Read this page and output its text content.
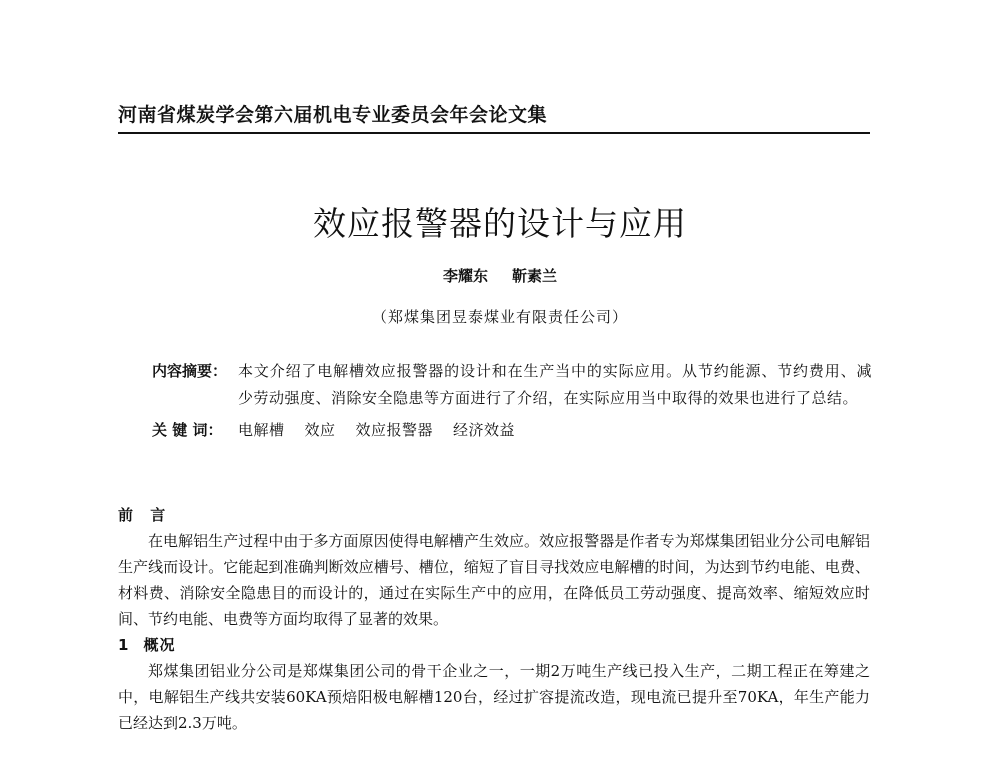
河南省煤炭学会第六届机电专业委员会年会论文集
效应报警器的设计与应用
李耀东 靳素兰
（郑煤集团昱泰煤业有限责任公司）
内容摘要： 本文介绍了电解槽效应报警器的设计和在生产当中的实际应用。从节约能源、节约费用、减少劳动强度、消除安全隐患等方面进行了介绍，在实际应用当中取得的效果也进行了总结。
关 键 词：	电解槽 效应 效应报警器 经济效益
前 言

在电解铝生产过程中由于多方面原因使得电解槽产生效应。效应报警器是作者专为郑煤集团铝业分公司电解铝生产线而设计。它能起到准确判断效应槽号、槽位，缩短了盲目寻找效应电解槽的时间，为达到节约电能、电费、材料费、消除安全隐患目的而设计的，通过在实际生产中的应用，在降低员工劳动强度、提高效率、缩短效应时间、节约电能、电费等方面均取得了显著的效果。

1 概况

郑煤集团铝业分公司是郑煤集团公司的骨干企业之一，一期2万吨生产线已投入生产，二期工程正在筹建之中，电解铝生产线共安装60KA预焙阳极电解槽120台，经过扩容提流改造，现电流已提升至70KA，年生产能力已经达到2.3万吨。
